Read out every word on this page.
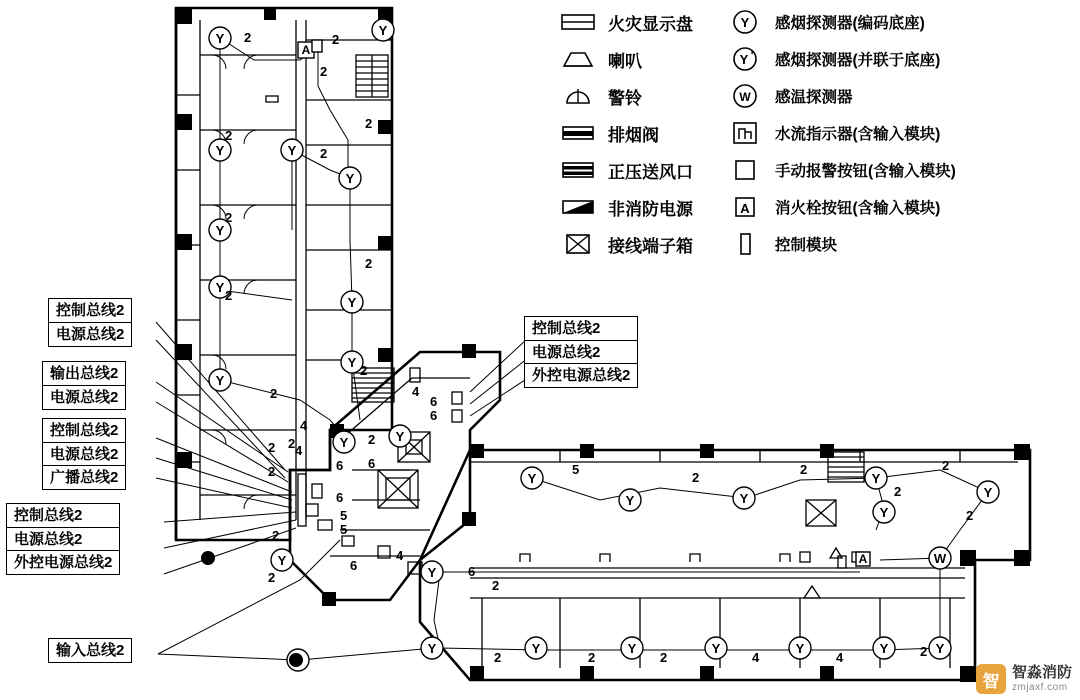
Y
Y
Y	Y
Y
Y
Y
Y
Y
Y
A
Y	Y
Y
Y
Y
Y
Y	Y
Y
Y
Y
W
Y	Y	Y	Y	Y	Y
A
2	2
2
2
2
2
2
2
2
2
2
2
2
2
2
4
2 4
2
4
6
6
6 6
6
5
5
6
4
6
2
5
2
2
2
2
2
2	2	2	4	4	2
火灾显示盘
喇叭
警铃
排烟阀
正压送风口
非消防电源
接线端子箱
Y 感烟探测器(编码底座)
Y ' 感烟探测器(并联于底座)
W 感温探测器
水流指示器(含输入模块)
手动报警按钮(含输入模块)
A 消火栓按钮(含输入模块)
控制模块
控制总线2
电源总线2
输出总线2
电源总线2
控制总线2
电源总线2
广播总线2
控制总线2
电源总线2
外控电源总线2
输入总线2
控制总线2
电源总线2
外控电源总线2
智 智淼消防
zmjaxf.com
